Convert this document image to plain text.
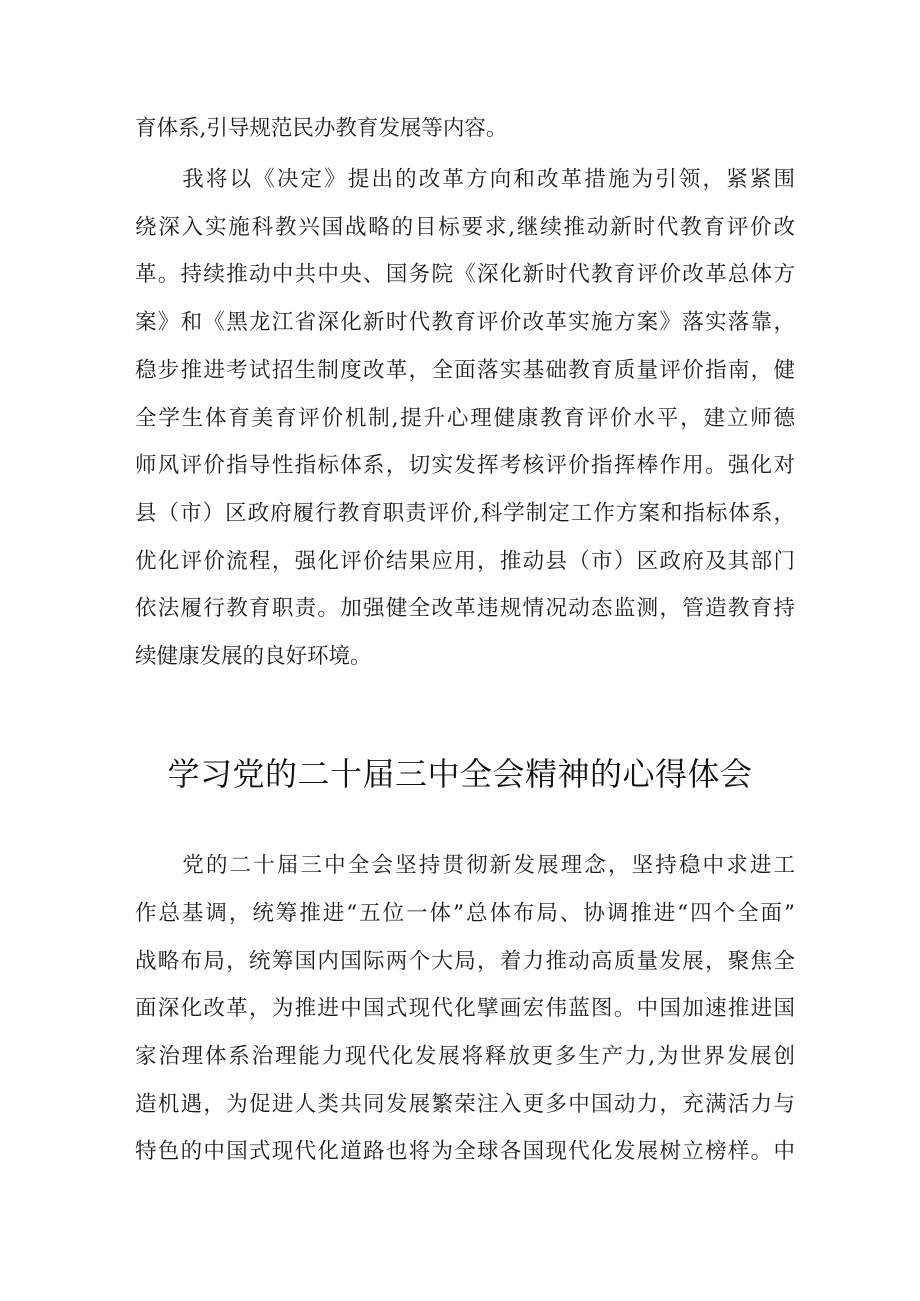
育体系,引导规范民办教育发展等内容。
　　我将以《决定》提出的改革方向和改革措施为引领，紧紧围
绕深入实施科教兴国战略的目标要求,继续推动新时代教育评价改
革。持续推动中共中央、国务院《深化新时代教育评价改革总体方
案》和《黑龙江省深化新时代教育评价改革实施方案》落实落靠，
稳步推进考试招生制度改革，全面落实基础教育质量评价指南，健
全学生体育美育评价机制,提升心理健康教育评价水平，建立师德
师风评价指导性指标体系，切实发挥考核评价指挥棒作用。强化对
县（市）区政府履行教育职责评价,科学制定工作方案和指标体系，
优化评价流程，强化评价结果应用，推动县（市）区政府及其部门
依法履行教育职责。加强健全改革违规情况动态监测，管造教育持
续健康发展的良好环境。
学习党的二十届三中全会精神的心得体会
　　党的二十届三中全会坚持贯彻新发展理念，坚持稳中求进工
作总基调，统筹推进“五位一体”总体布局、协调推进“四个全面”
战略布局，统筹国内国际两个大局，着力推动高质量发展，聚焦全
面深化改革，为推进中国式现代化擘画宏伟蓝图。中国加速推进国
家治理体系治理能力现代化发展将释放更多生产力,为世界发展创
造机遇，为促进人类共同发展繁荣注入更多中国动力，充满活力与
特色的中国式现代化道路也将为全球各国现代化发展树立榜样。中
